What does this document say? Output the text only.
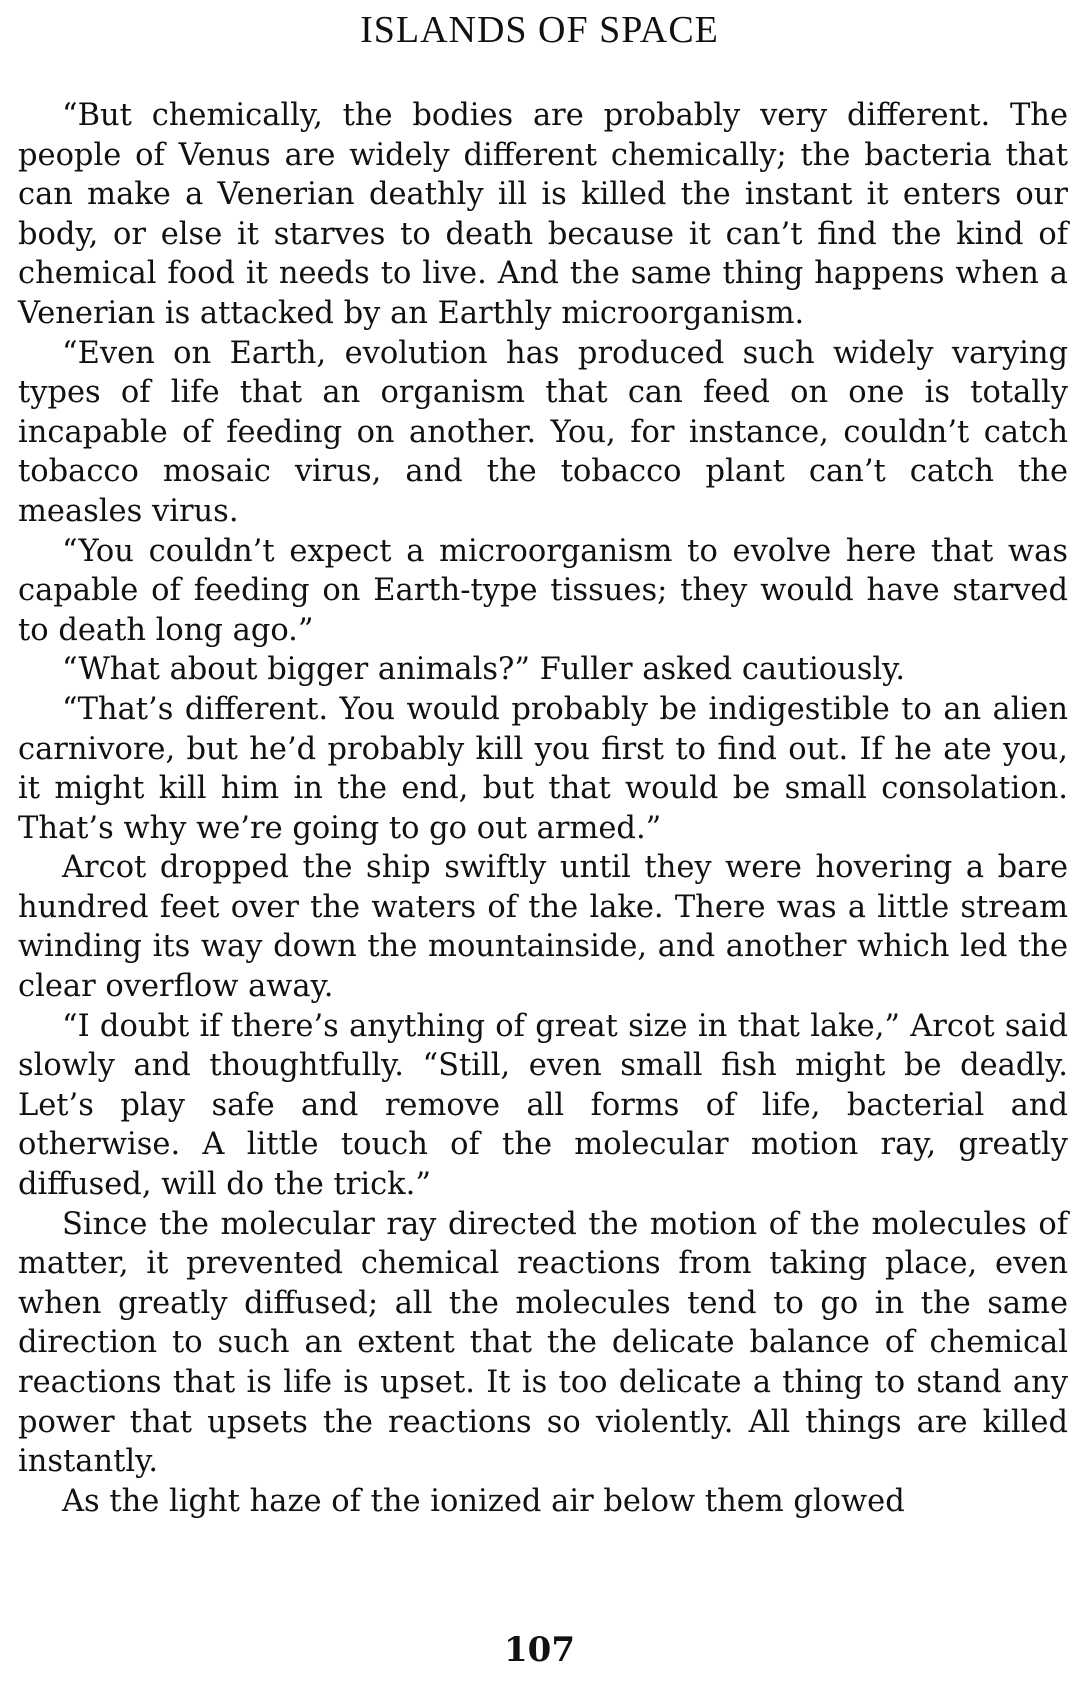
ISLANDS OF SPACE

“But chemically, the bodies are probably very different. The people of Venus are widely different chemically; the bacteria that can make a Venerian deathly ill is killed the instant it enters our body, or else it starves to death because it can’t find the kind of chemical food it needs to live. And the same thing happens when a Venerian is attacked by an Earthly microorganism.

“Even on Earth, evolution has produced such widely varying types of life that an organism that can feed on one is totally incapable of feeding on another. You, for instance, couldn’t catch tobacco mosaic virus, and the tobacco plant can’t catch the measles virus.

“You couldn’t expect a microorganism to evolve here that was capable of feeding on Earth-type tissues; they would have starved to death long ago.”

“What about bigger animals?” Fuller asked cautiously.

“That’s different. You would probably be indigestible to an alien carnivore, but he’d probably kill you first to find out. If he ate you, it might kill him in the end, but that would be small consolation. That’s why we’re going to go out armed.”

Arcot dropped the ship swiftly until they were hovering a bare hundred feet over the waters of the lake. There was a little stream winding its way down the mountainside, and another which led the clear overflow away.

“I doubt if there’s anything of great size in that lake,” Arcot said slowly and thoughtfully. “Still, even small fish might be deadly. Let’s play safe and remove all forms of life, bacterial and otherwise. A little touch of the molecular motion ray, greatly diffused, will do the trick.”

Since the molecular ray directed the motion of the molecules of matter, it prevented chemical reactions from taking place, even when greatly diffused; all the molecules tend to go in the same direction to such an extent that the delicate balance of chemical reactions that is life is upset. It is too delicate a thing to stand any power that upsets the reactions so violently. All things are killed instantly.

As the light haze of the ionized air below them glowed

107
